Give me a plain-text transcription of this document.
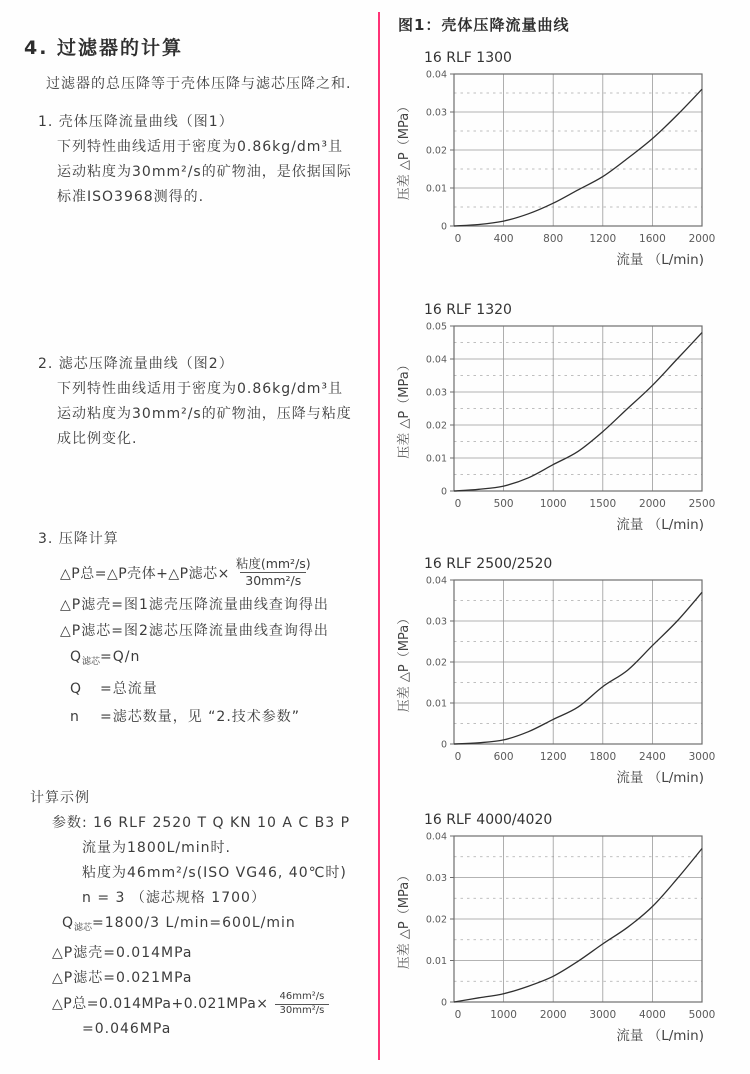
4. 过滤器的计算

过滤器的总压降等于壳体压降与滤芯压降之和.

1. 壳体压降流量曲线（图1）

下列特性曲线适用于密度为0.86kg/dm³且

运动粘度为30mm²/s的矿物油，是依据国际

标准ISO3968测得的.

2. 滤芯压降流量曲线（图2）

下列特性曲线适用于密度为0.86kg/dm³且

运动粘度为30mm²/s的矿物油，压降与粘度

成比例变化.

3. 压降计算

△P总=△P壳体+△P滤芯× $\frac{\text{粘度(mm²/s)}}{\text{30mm²/s}}$

△P滤壳=图1滤壳压降流量曲线查询得出

△P滤芯=图2滤芯压降流量曲线查询得出

$Q_{滤芯}=Q/n$

Q	=总流量
n	=滤芯数量，见 “2.技术参数”

计算示例

参数: 16 RLF 2520 T Q KN 10 A C B3 P

流量为1800L/min时.

粘度为46mm²/s(ISO VG46, 40℃时)

n = 3 （滤芯规格 1700）

$Q_{滤芯}=1800/3$ L/min=600L/min

△P滤壳=0.014MPa

△P滤芯=0.021MPa

△P总$=0.014MPa+0.021MPa\times \frac{\text{46mm²/s}}{\text{30mm²/s}}$

=0.046MPa

图1：壳体压降流量曲线
16 RLF 1300
压差 △P（MPa）
0
0.01
0.02
0.03
0.04
0	400	800 1200 1600 2000
流量 （L/min)
16 RLF 1320
压差 △P（MPa）
0
0.01
0.02
0.03
0.04
0.05
0	500 1000 1500 2000 2500
流量 （L/min)
16 RLF 2500/2520
压差 △P（MPa）
0
0.01
0.02
0.03
0.04
0	600 1200 1800 2400 3000
流量 （L/min)
16 RLF 4000/4020
压差 △P（MPa）
0
0.01
0.02
0.03
0.04
0	1000 2000 3000 4000 5000
流量 （L/min)
